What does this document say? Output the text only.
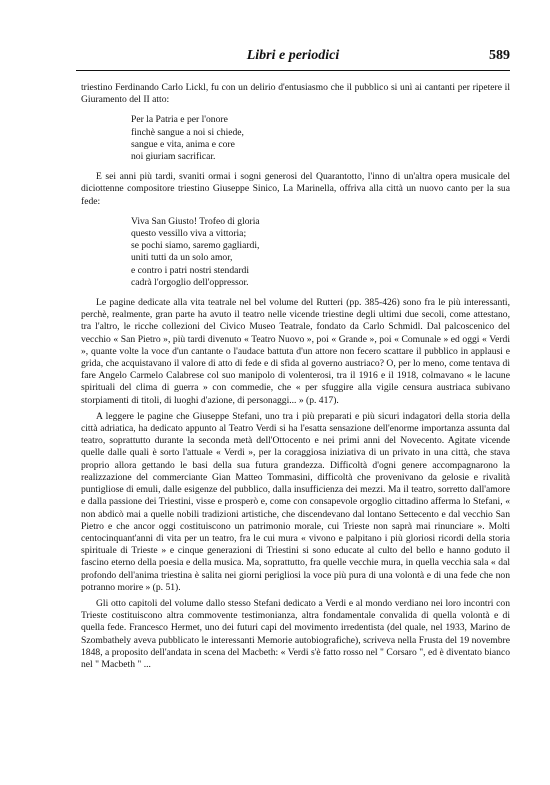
Libri e periodici	589

triestino Ferdinando Carlo Lickl, fu con un delirio d'entusiasmo che il pubblico si unì ai cantanti per ripetere il Giuramento del II atto:

Per la Patria e per l'onore
finchè sangue a noi si chiede,
sangue e vita, anima e core
noi giuriam sacrificar.

E sei anni più tardi, svaniti ormai i sogni generosi del Quarantotto, l'inno di un'altra opera musicale del diciottenne compositore triestino Giuseppe Sinico, La Marinella, offriva alla città un nuovo canto per la sua fede:

Viva San Giusto! Trofeo di gloria
questo vessillo viva a vittoria;
se pochi siamo, saremo gagliardi,
uniti tutti da un solo amor,
e contro i patri nostri stendardi
cadrà l'orgoglio dell'oppressor.

Le pagine dedicate alla vita teatrale nel bel volume del Rutteri (pp. 385-426) sono fra le più interessanti, perchè, realmente, gran parte ha avuto il teatro nelle vicende triestine degli ultimi due secoli, come attestano, tra l'altro, le ricche collezioni del Civico Museo Teatrale, fondato da Carlo Schmidl. Dal palcoscenico del vecchio « San Pietro », più tardi divenuto « Teatro Nuovo », poi « Grande », poi « Comunale » ed oggi « Verdi », quante volte la voce d'un cantante o l'audace battuta d'un attore non fecero scattare il pubblico in applausi e grida, che acquistavano il valore di atto di fede e di sfida al governo austriaco? O, per lo meno, come tentava di fare Angelo Carmelo Calabrese col suo manipolo di volenterosi, tra il 1916 e il 1918, colmavano « le lacune spirituali del clima di guerra » con commedie, che « per sfuggire alla vigile censura austriaca subivano storpiamenti di titoli, di luoghi d'azione, di personaggi... » (p. 417).

A leggere le pagine che Giuseppe Stefani, uno tra i più preparati e più sicuri indagatori della storia della città adriatica, ha dedicato appunto al Teatro Verdi si ha l'esatta sensazione dell'enorme importanza assunta dal teatro, soprattutto durante la seconda metà dell'Ottocento e nei primi anni del Novecento. Agitate vicende quelle dalle quali è sorto l'attuale « Verdi », per la coraggiosa iniziativa di un privato in una città, che stava proprio allora gettando le basi della sua futura grandezza. Difficoltà d'ogni genere accompagnarono la realizzazione del commerciante Gian Matteo Tommasini, difficoltà che provenivano da gelosie e rivalità puntigliose di emuli, dalle esigenze del pubblico, dalla insufficienza dei mezzi. Ma il teatro, sorretto dall'amore e dalla passione dei Triestini, visse e prosperò e, come con consapevole orgoglio cittadino afferma lo Stefani, « non abdicò mai a quelle nobili tradizioni artistiche, che discendevano dal lontano Settecento e dal vecchio San Pietro e che ancor oggi costituiscono un patrimonio morale, cui Trieste non saprà mai rinunciare ». Molti centocinquant'anni di vita per un teatro, fra le cui mura « vivono e palpitano i più gloriosi ricordi della storia spirituale di Trieste » e cinque generazioni di Triestini si sono educate al culto del bello e hanno goduto il fascino eterno della poesia e della musica. Ma, soprattutto, fra quelle vecchie mura, in quella vecchia sala « dal profondo dell'anima triestina è salita nei giorni perigliosi la voce più pura di una volontà e di una fede che non potranno morire » (p. 51).

Gli otto capitoli del volume dallo stesso Stefani dedicato a Verdi e al mondo verdiano nei loro incontri con Trieste costituiscono altra commovente testimonianza, altra fondamentale convalida di quella volontà e di quella fede. Francesco Hermet, uno dei futuri capi del movimento irredentista (del quale, nel 1933, Marino de Szombathely aveva pubblicato le interessanti Memorie autobiografiche), scriveva nella Frusta del 19 novembre 1848, a proposito dell'andata in scena del Macbeth: « Verdi s'è fatto rosso nel " Corsaro ", ed è diventato bianco nel " Macbeth " ...
